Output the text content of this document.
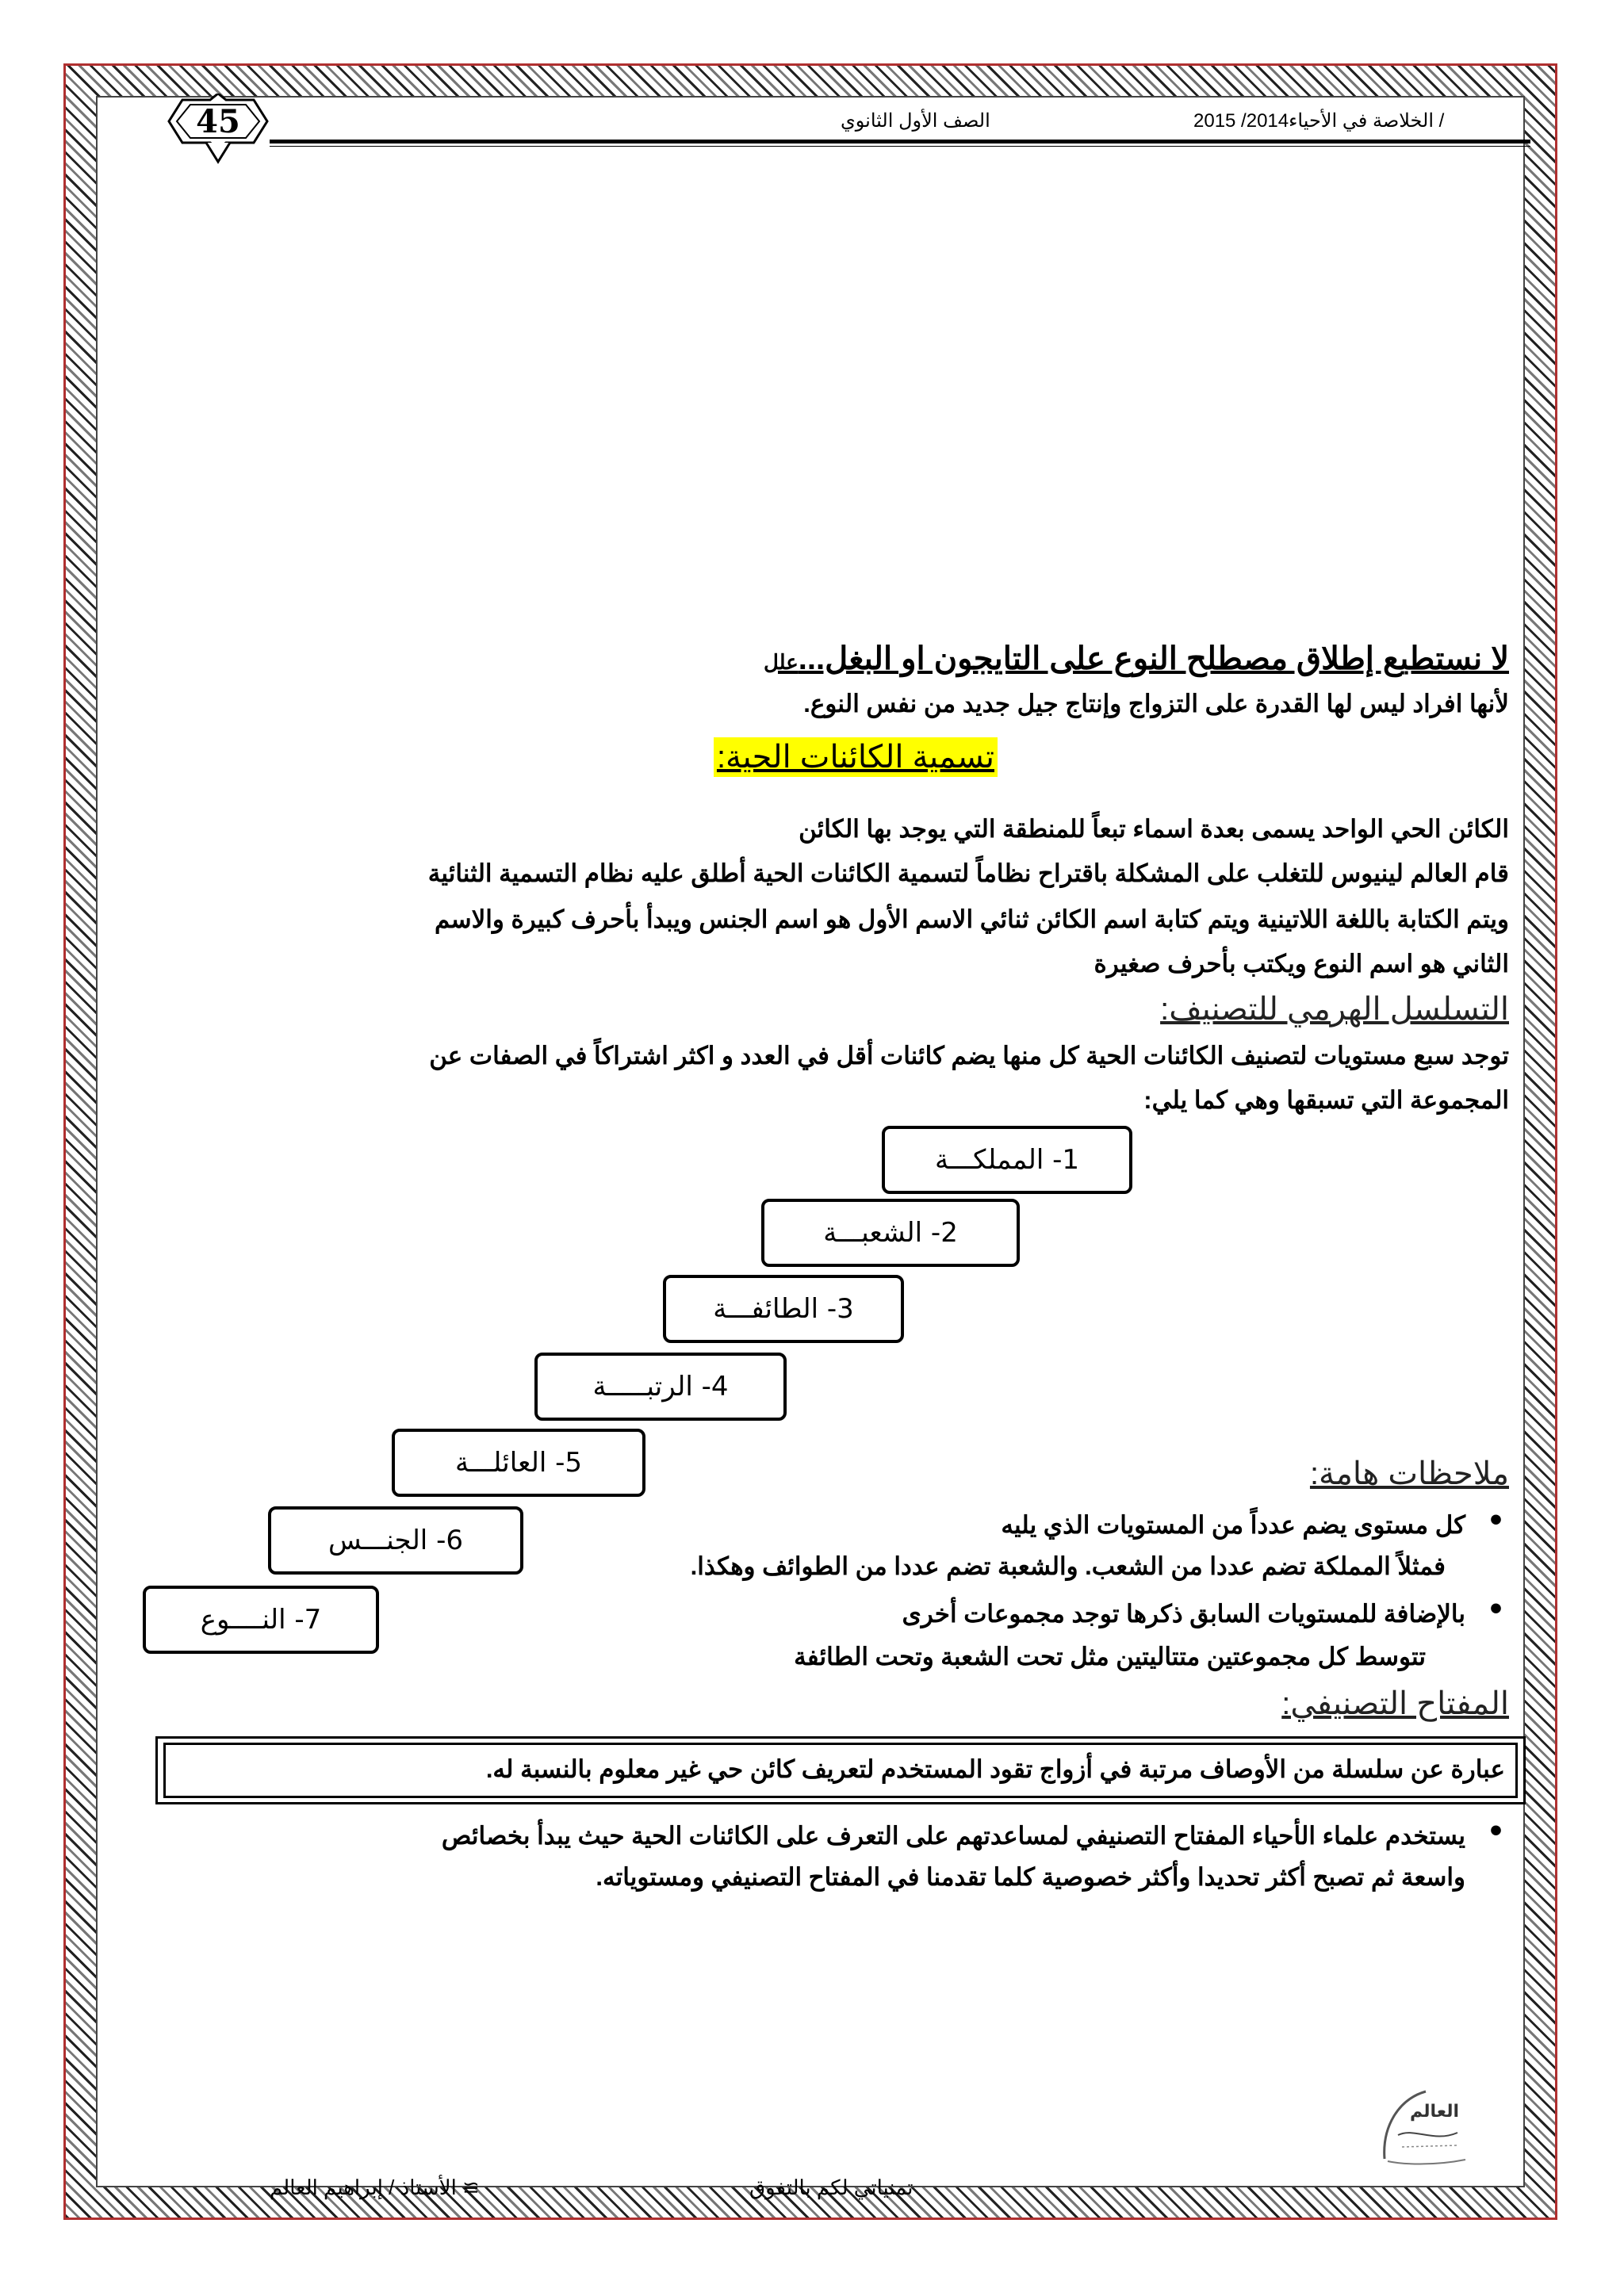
45	الصف الأول الثانوي	/ الخلاصة في الأحياء2014/ 2015
لا نستطيع إطلاق مصطلح النوع على التايجون او البغل...علل
لأنها افراد ليس لها القدرة على التزواج وإنتاج جيل جديد من نفس النوع.
تسمية الكائنات الحية:
الكائن الحي الواحد يسمى بعدة اسماء تبعاً للمنطقة التي يوجد بها الكائن
قام العالم لينيوس للتغلب على المشكلة باقتراح نظاماً لتسمية الكائنات الحية أطلق عليه نظام التسمية الثنائية
ويتم الكتابة باللغة اللاتينية ويتم كتابة اسم الكائن ثنائي الاسم الأول هو اسم الجنس ويبدأ بأحرف كبيرة والاسم
الثاني هو اسم النوع ويكتب بأحرف صغيرة
التسلسل الهرمي للتصنيف:
توجد سبع مستويات لتصنيف الكائنات الحية كل منها يضم كائنات أقل في العدد و اكثر اشتراكاً في الصفات عن
المجموعة التي تسبقها وهي كما يلي:
1- المملكـــة
2- الشعبـــة
3- الطائفـــة
4- الرتبـــــة
5- العائلـــة
6- الجنـــس
7- النــــوع
ملاحظات هامة:
•
كل مستوى يضم عدداً من المستويات الذي يليه
فمثلاً المملكة تضم عددا من الشعب. والشعبة تضم عددا من الطوائف وهكذا.
•
بالإضافة للمستويات السابق ذكرها توجد مجموعات أخرى
تتوسط كل مجموعتين متتاليتين مثل تحت الشعبة وتحت الطائفة
المفتاح التصنيفي:
عبارة عن سلسلة من الأوصاف مرتبة في أزواج تقود المستخدم لتعريف كائن حي غير معلوم بالنسبة له.
•
يستخدم علماء الأحياء المفتاح التصنيفي لمساعدتهم على التعرف على الكائنات الحية حيث يبدأ بخصائص
واسعة ثم تصبح أكثر تحديدا وأكثر خصوصية كلما تقدمنا في المفتاح التصنيفي ومستوياته.
تمنياتي لكم بالتفوق
≅ الأستاذ / إبراهيم العالم
العالم
